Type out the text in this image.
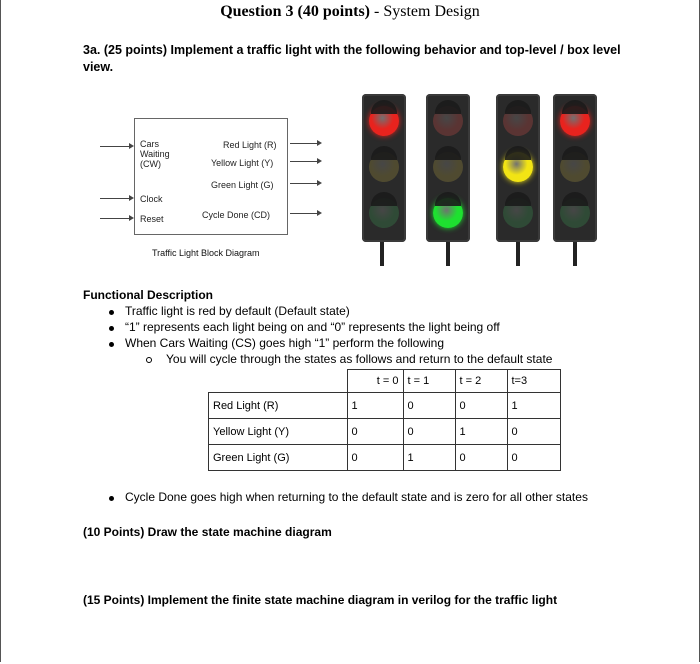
Question 3 (40 points) - System Design
3a. (25 points) Implement a traffic light with the following behavior and top-level / box level view.
Cars
Waiting
(CW)
Clock
Reset
Red Light (R)
Yellow Light (Y)
Green Light (G)
Cycle Done (CD)
Traffic Light Block Diagram
Functional Description
Traffic light is red by default (Default state)
“1” represents each light being on and “0” represents the light being off
When Cars Waiting (CS) goes high “1” perform the following
You will cycle through the states as follows and return to the default state
	t = 0	t = 1	t = 2	t=3
Red Light (R)	1	0	0	1
Yellow Light (Y)	0	0	1	0
Green Light (G)	0	1	0	0
Cycle Done goes high when returning to the default state and is zero for all other states
(10 Points) Draw the state machine diagram
(15 Points) Implement the finite state machine diagram in verilog for the traffic light
